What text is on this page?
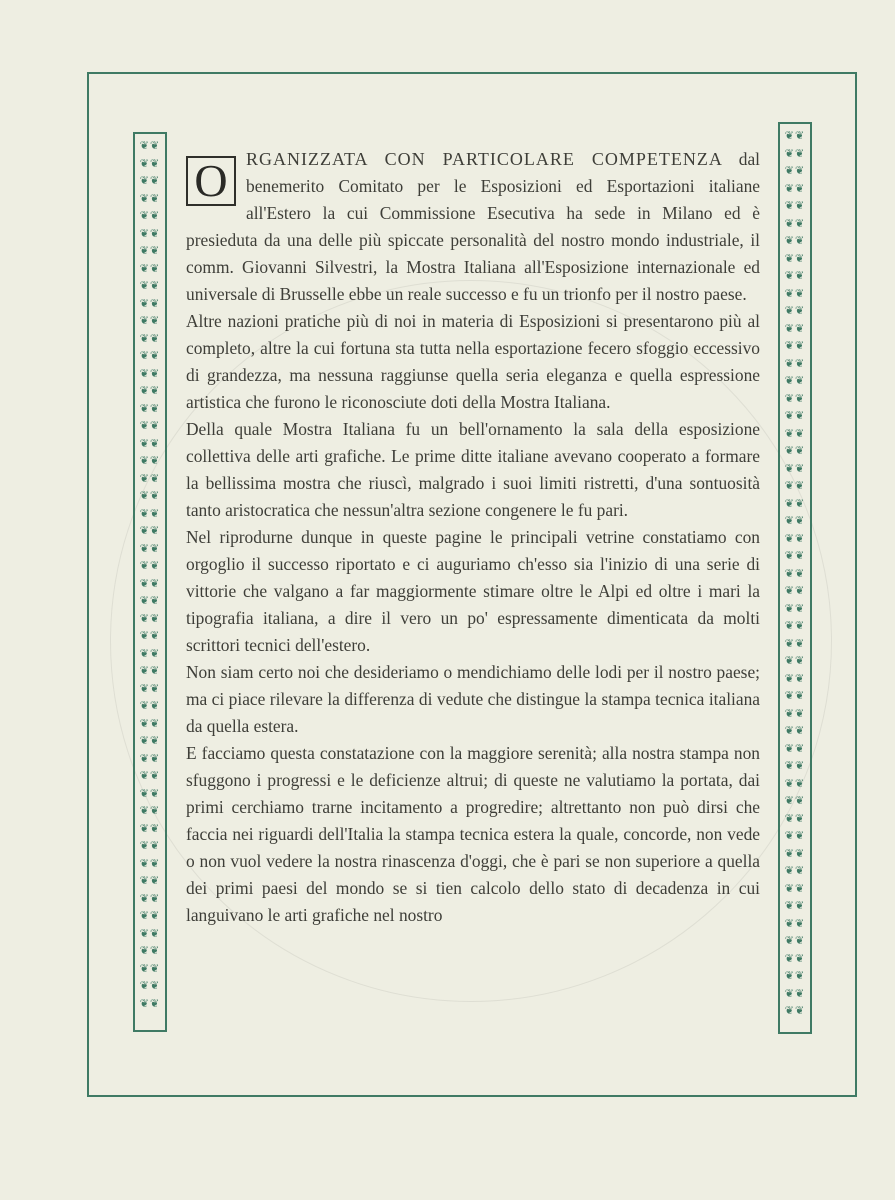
❦❦
❦❦
❦❦
❦❦
❦❦
❦❦
❦❦
❦❦
❦❦
❦❦
❦❦
❦❦
❦❦
❦❦
❦❦
❦❦
❦❦
❦❦
❦❦
❦❦
❦❦
❦❦
❦❦
❦❦
❦❦
❦❦
❦❦
❦❦
❦❦
❦❦
❦❦
❦❦
❦❦
❦❦
❦❦
❦❦
❦❦
❦❦
❦❦
❦❦
❦❦
❦❦
❦❦
❦❦
❦❦
❦❦
❦❦
❦❦
❦❦
❦❦
❦❦
❦❦
❦❦
❦❦
❦❦
❦❦
❦❦
❦❦
❦❦
❦❦
❦❦
❦❦
❦❦
❦❦
❦❦
❦❦
❦❦
❦❦
❦❦
❦❦
❦❦
❦❦
❦❦
❦❦
❦❦
❦❦
❦❦
❦❦
❦❦
❦❦
❦❦
❦❦
❦❦
❦❦
❦❦
❦❦
❦❦
❦❦
❦❦
❦❦
❦❦
❦❦
❦❦
❦❦
❦❦
❦❦
❦❦
❦❦
❦❦
❦❦
❦❦

O	RGANIZZATA CON PARTICOLARE COMPETENZA dal benemerito Comitato per le Esposizioni ed Esportazioni italiane all'Estero la cui Commissione Esecutiva ha sede in Milano ed è presieduta da una delle più spiccate personalità del nostro mondo industriale, il comm. Giovanni Silvestri, la Mostra Italiana all'Esposizione internazionale ed universale di Brusselle ebbe un reale successo e fu un trionfo per il nostro paese.

Altre nazioni pratiche più di noi in materia di Esposizioni si presentarono più al completo, altre la cui fortuna sta tutta nella esportazione fecero sfoggio eccessivo di grandezza, ma nessuna raggiunse quella seria eleganza e quella espressione artistica che furono le riconosciute doti della Mostra Italiana.

Della quale Mostra Italiana fu un bell'ornamento la sala della esposizione collettiva delle arti grafiche. Le prime ditte italiane avevano cooperato a formare la bellissima mostra che riuscì, malgrado i suoi limiti ristretti, d'una sontuosità tanto aristocratica che nessun'altra sezione congenere le fu pari.

Nel riprodurne dunque in queste pagine le principali vetrine constatiamo con orgoglio il successo riportato e ci auguriamo ch'esso sia l'inizio di una serie di vittorie che valgano a far maggiormente stimare oltre le Alpi ed oltre i mari la tipografia italiana, a dire il vero un po' espressamente dimenticata da molti scrittori tecnici dell'estero.

Non siam certo noi che desideriamo o mendichiamo delle lodi per il nostro paese; ma ci piace rilevare la differenza di vedute che distingue la stampa tecnica italiana da quella estera.

E facciamo questa constatazione con la maggiore serenità; alla nostra stampa non sfuggono i progressi e le deficienze altrui; di queste ne valutiamo la portata, dai primi cerchiamo trarne incitamento a progredire; altrettanto non può dirsi che faccia nei riguardi dell'Italia la stampa tecnica estera la quale, concorde, non vede o non vuol vedere la nostra rinascenza d'oggi, che è pari se non superiore a quella dei primi paesi del mondo se si tien calcolo dello stato di decadenza in cui languivano le arti grafiche nel nostro
